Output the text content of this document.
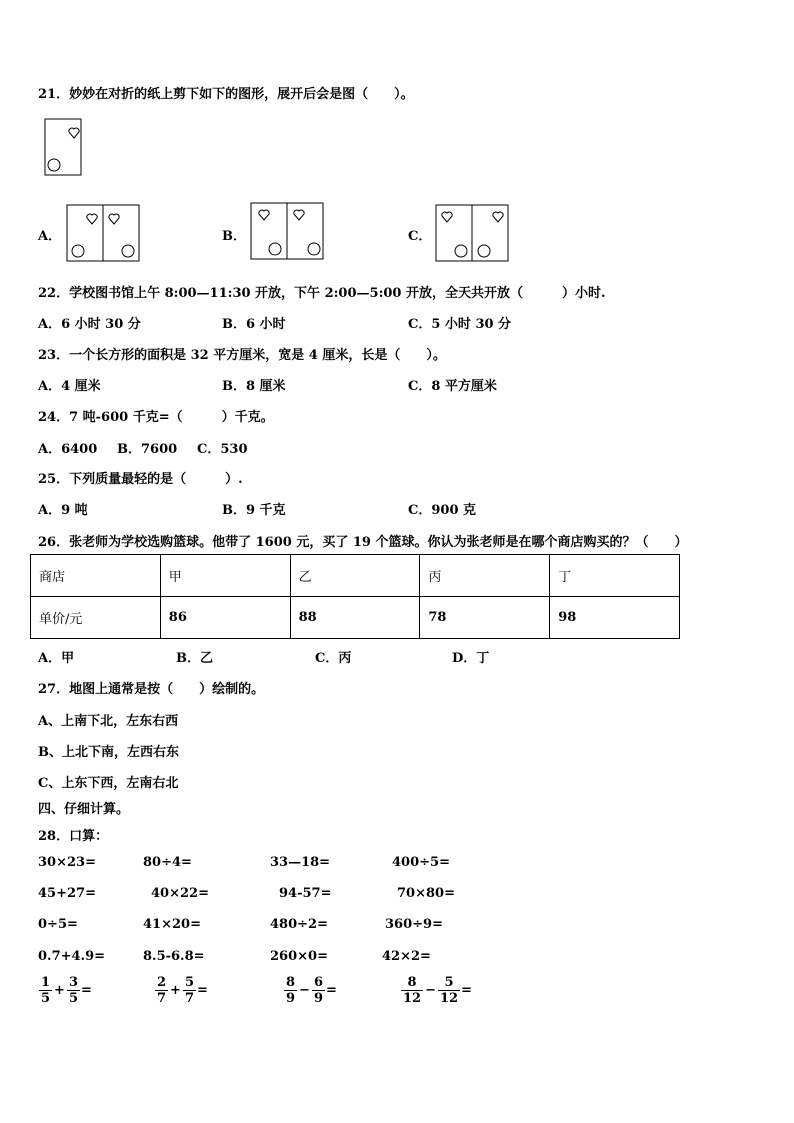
21．妙妙在对折的纸上剪下如下的图形，展开后会是图（　　）。
A．	B．	C．
22．学校图书馆上午 8:00—11:30 开放，下午 2:00—5:00 开放，全天共开放（　　　）小时.
A．6 小时 30 分	B．6 小时	C．5 小时 30 分
23．一个长方形的面积是 32 平方厘米，宽是 4 厘米，长是（　　）。
A．4 厘米	B．8 厘米	C．8 平方厘米
24．7 吨-600 千克=（　　　）千克。
A．6400 B．7600 C．530
25．下列质量最轻的是（　　　）.
A．9 吨	B．9 千克	C．900 克
26．张老师为学校选购篮球。他带了 1600 元，买了 19 个篮球。你认为张老师是在哪个商店购买的？（　　）
商店	甲	乙	丙	丁
单价/元	86	88	78	98
A．甲	B．乙	C．丙	D．丁
27．地图上通常是按（　　）绘制的。
A、上南下北，左东右西
B、上北下南，左西右东
C、上东下西，左南右北
四、仔细计算。
28．口算：
30×23=	80÷4=	33—18=	400÷5=
45+27=	40×22=	94-57=	70×80=
0÷5=	41×20=	480÷2=	360÷9=
0.7+4.9=	8.5-6.8=	260×0=	42×2=
$\frac{1}{5} + \frac{3}{5}$ =	$\frac{2}{7} + \frac{5}{7}$ =	$\frac{8}{9} - \frac{6}{9}$ =	$\frac{8}{12} - \frac{5}{12}$ =
